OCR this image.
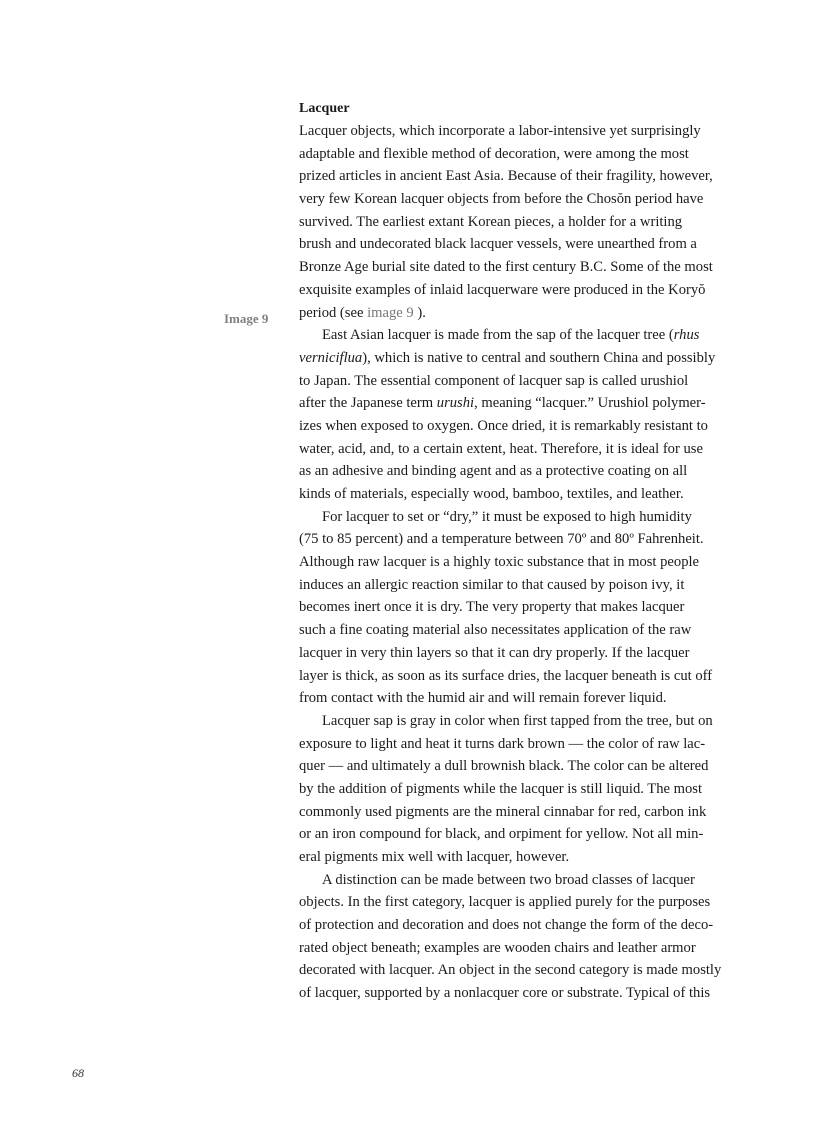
Lacquer
Image 9
Lacquer objects, which incorporate a labor-intensive yet surprisingly
adaptable and flexible method of decoration, were among the most
prized articles in ancient East Asia. Because of their fragility, however,
very few Korean lacquer objects from before the Chosŏn period have
survived. The earliest extant Korean pieces, a holder for a writing
brush and undecorated black lacquer vessels, were unearthed from a
Bronze Age burial site dated to the first century B.C. Some of the most
exquisite examples of inlaid lacquerware were produced in the Koryŏ
period (see image 9 ).
East Asian lacquer is made from the sap of the lacquer tree (rhus
verniciflua), which is native to central and southern China and possibly
to Japan. The essential component of lacquer sap is called urushiol
after the Japanese term urushi, meaning “lacquer.” Urushiol polymer-
izes when exposed to oxygen. Once dried, it is remarkably resistant to
water, acid, and, to a certain extent, heat. Therefore, it is ideal for use
as an adhesive and binding agent and as a protective coating on all
kinds of materials, especially wood, bamboo, textiles, and leather.
For lacquer to set or “dry,” it must be exposed to high humidity
(75 to 85 percent) and a temperature between 70º and 80º Fahrenheit.
Although raw lacquer is a highly toxic substance that in most people
induces an allergic reaction similar to that caused by poison ivy, it
becomes inert once it is dry. The very property that makes lacquer
such a fine coating material also necessitates application of the raw
lacquer in very thin layers so that it can dry properly. If the lacquer
layer is thick, as soon as its surface dries, the lacquer beneath is cut off
from contact with the humid air and will remain forever liquid.
Lacquer sap is gray in color when first tapped from the tree, but on
exposure to light and heat it turns dark brown — the color of raw lac-
quer — and ultimately a dull brownish black. The color can be altered
by the addition of pigments while the lacquer is still liquid. The most
commonly used pigments are the mineral cinnabar for red, carbon ink
or an iron compound for black, and orpiment for yellow. Not all min-
eral pigments mix well with lacquer, however.
A distinction can be made between two broad classes of lacquer
objects. In the first category, lacquer is applied purely for the purposes
of protection and decoration and does not change the form of the deco-
rated object beneath; examples are wooden chairs and leather armor
decorated with lacquer. An object in the second category is made mostly
of lacquer, supported by a nonlacquer core or substrate. Typical of this
68
